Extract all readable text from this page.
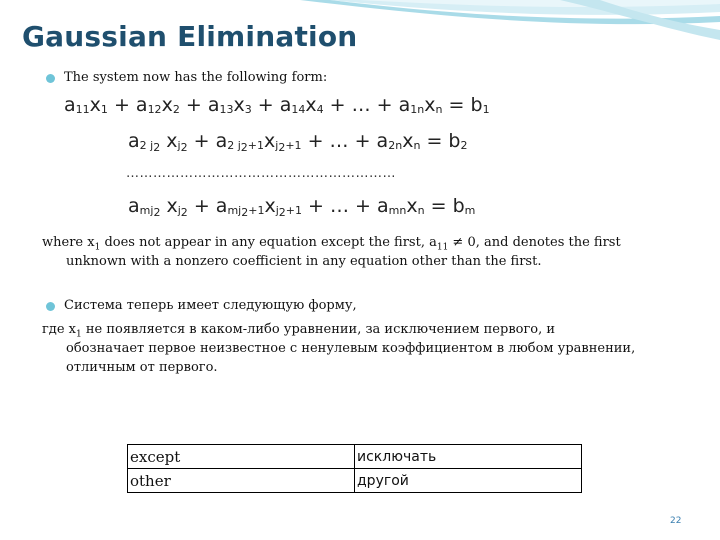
Gaussian Elimination
The system now has the following form:
$a_{11}x_1 + a_{12}x_2 + a_{13}x_3 + a_{14}x_4$ + … + $a_{1n}x_n = b_1$
$a_{2 j_2}$ $x_{j_2} + a_{2 j_2+1}x_{j_2+1}$ + … + $a_{2n}x_n = b_2$
……………………………………………………
$a_{mj_2}$ $x_{j_2} + a_{mj_2+1}x_{j_2+1}$ + … + $a_{mn}x_n = b_m$
where $x_1$ does not appear in any equation except the first, $a_{11} \ne 0$, and denotes the first
unknown with a nonzero coefficient in any equation other than the first.
Система теперь имеет следующую форму,
где $x_1$ не появляется в каком-либо уравнении, за исключением первого, и
обозначает первое неизвестное с ненулевым коэффициентом в любом уравнении,
отличным от первого.
except	исключать
other	другой
22
